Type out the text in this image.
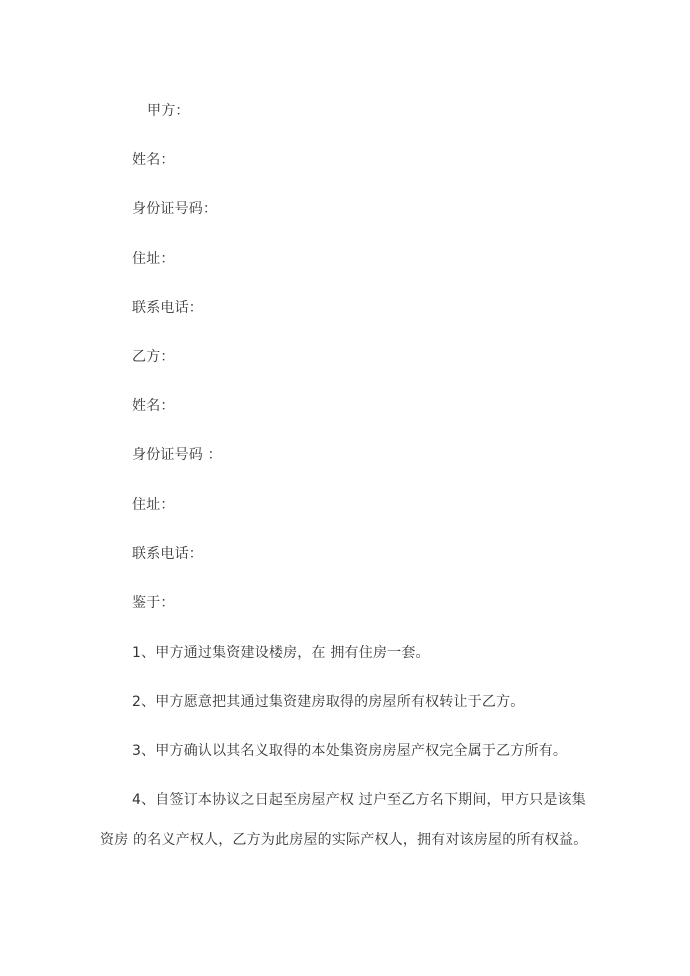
甲方：
姓名：
身份证号码：
住址：
联系电话：
乙方：
姓名：
身份证号码 ：
住址：
联系电话：
鉴于：
1、甲方通过集资建设楼房，在 拥有住房一套。
2、甲方愿意把其通过集资建房取得的房屋所有权转让于乙方。
3、甲方确认以其名义取得的本处集资房房屋产权完全属于乙方所有。
4、自签订本协议之日起至房屋产权 过户至乙方名下期间，甲方只是该集
资房 的名义产权人，乙方为此房屋的实际产权人，拥有对该房屋的所有权益。
